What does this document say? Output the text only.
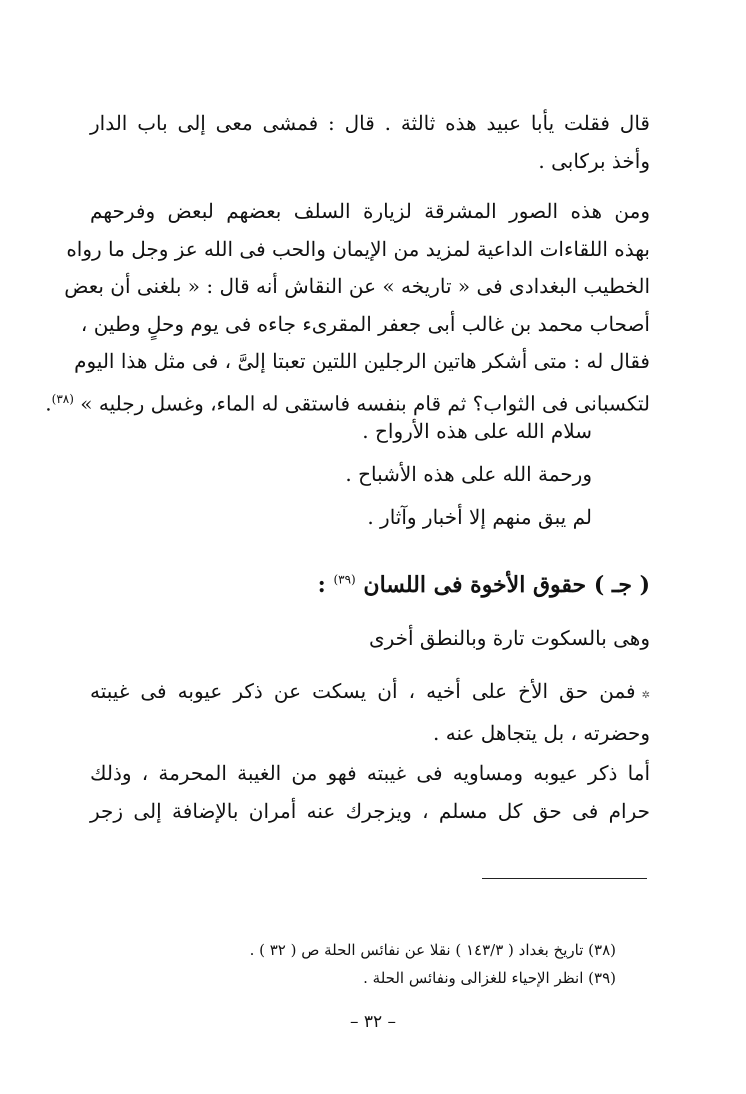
قال فقلت يأبا عبيد هذه ثالثة . قال : فمشى معى إلى باب الدار
وأخذ بركابى .
ومن هذه الصور المشرقة لزيارة السلف بعضهم لبعض وفرحهم
بهذه اللقاءات الداعية لمزيد من الإيمان والحب فى الله عز وجل ما رواه
الخطيب البغدادى فى « تاريخه » عن النقاش أنه قال : « بلغنى أن بعض
أصحاب محمد بن غالب أبى جعفر المقرىء جاءه فى يوم وحلٍ وطين ،
فقال له : متى أشكر هاتين الرجلين اللتين تعبتا إلىَّ ، فى مثل هذا اليوم
لتكسبانى فى الثواب؟ ثم قام بنفسه فاستقى له الماء، وغسل رجليه » $^{(٣٨)}$.
سلام الله على هذه الأرواح .
ورحمة الله على هذه الأشباح .
لم يبق منهم إلا أخبار وآثار .
( جـ ) حقوق الأخوة فى اللسان $^{(٣٩)}$ :
وهى بالسكوت تارة وبالنطق أخرى
✲فمن حق الأخ على أخيه ، أن يسكت عن ذكر عيوبه فى غيبته
وحضرته ، بل يتجاهل عنه .
أما ذكر عيوبه ومساويه فى غيبته فهو من الغيبة المحرمة ، وذلك
حرام فى حق كل مسلم ، ويزجرك عنه أمران بالإضافة إلى زجر
(٣٨) تاريخ بغداد ( ١٤٣/٣ ) نقلا عن نفائس الحلة ص ( ٣٢ ) .
(٣٩) انظر الإحياء للغزالى ونفائس الحلة .
– ٣٢ –
